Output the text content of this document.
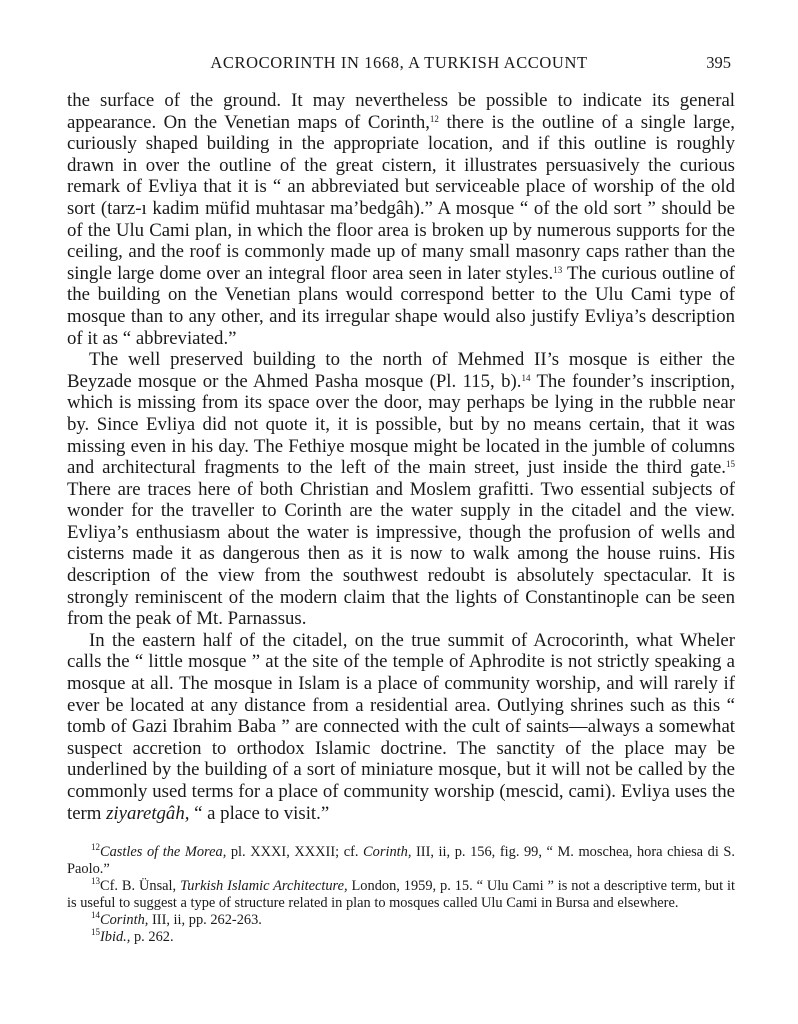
ACROCORINTH IN 1668, A TURKISH ACCOUNT	395

the surface of the ground. It may nevertheless be possible to indicate its general appearance. On the Venetian maps of Corinth,$^{12}$ there is the outline of a single large, curiously shaped building in the appropriate location, and if this outline is roughly drawn in over the outline of the great cistern, it illustrates persuasively the curious remark of Evliya that it is “ an abbreviated but serviceable place of worship of the old sort (tarz-ı kadim müfid muhtasar ma’bedgâh).” A mosque “ of the old sort ” should be of the Ulu Cami plan, in which the floor area is broken up by numerous supports for the ceiling, and the roof is commonly made up of many small masonry caps rather than the single large dome over an integral floor area seen in later styles.$^{13}$ The curious outline of the building on the Venetian plans would correspond better to the Ulu Cami type of mosque than to any other, and its irregular shape would also justify Evliya’s description of it as “ abbreviated.”

The well preserved building to the north of Mehmed II’s mosque is either the Beyzade mosque or the Ahmed Pasha mosque (Pl. 115, b).$^{14}$ The founder’s inscription, which is missing from its space over the door, may perhaps be lying in the rubble near by. Since Evliya did not quote it, it is possible, but by no means certain, that it was missing even in his day. The Fethiye mosque might be located in the jumble of columns and architectural fragments to the left of the main street, just inside the third gate.$^{15}$ There are traces here of both Christian and Moslem grafitti. Two essential subjects of wonder for the traveller to Corinth are the water supply in the citadel and the view. Evliya’s enthusiasm about the water is impressive, though the profusion of wells and cisterns made it as dangerous then as it is now to walk among the house ruins. His description of the view from the southwest redoubt is absolutely spectacular. It is strongly reminiscent of the modern claim that the lights of Constantinople can be seen from the peak of Mt. Parnassus.

In the eastern half of the citadel, on the true summit of Acrocorinth, what Wheler calls the “ little mosque ” at the site of the temple of Aphrodite is not strictly speaking a mosque at all. The mosque in Islam is a place of community worship, and will rarely if ever be located at any distance from a residential area. Outlying shrines such as this “ tomb of Gazi Ibrahim Baba ” are connected with the cult of saints—always a somewhat suspect accretion to orthodox Islamic doctrine. The sanctity of the place may be underlined by the building of a sort of miniature mosque, but it will not be called by the commonly used terms for a place of community worship (mescid, cami). Evliya uses the term ziyaretgâh, “ a place to visit.”

$^{12}$Castles of the Morea, pl. XXXI, XXXII; cf. Corinth, III, ii, p. 156, fig. 99, “ M. moschea, hora chiesa di S. Paolo.”

$^{13}$Cf. B. Ünsal, Turkish Islamic Architecture, London, 1959, p. 15. “ Ulu Cami ” is not a descriptive term, but it is useful to suggest a type of structure related in plan to mosques called Ulu Cami in Bursa and elsewhere.

$^{14}$Corinth, III, ii, pp. 262-263.

$^{15}$Ibid., p. 262.
